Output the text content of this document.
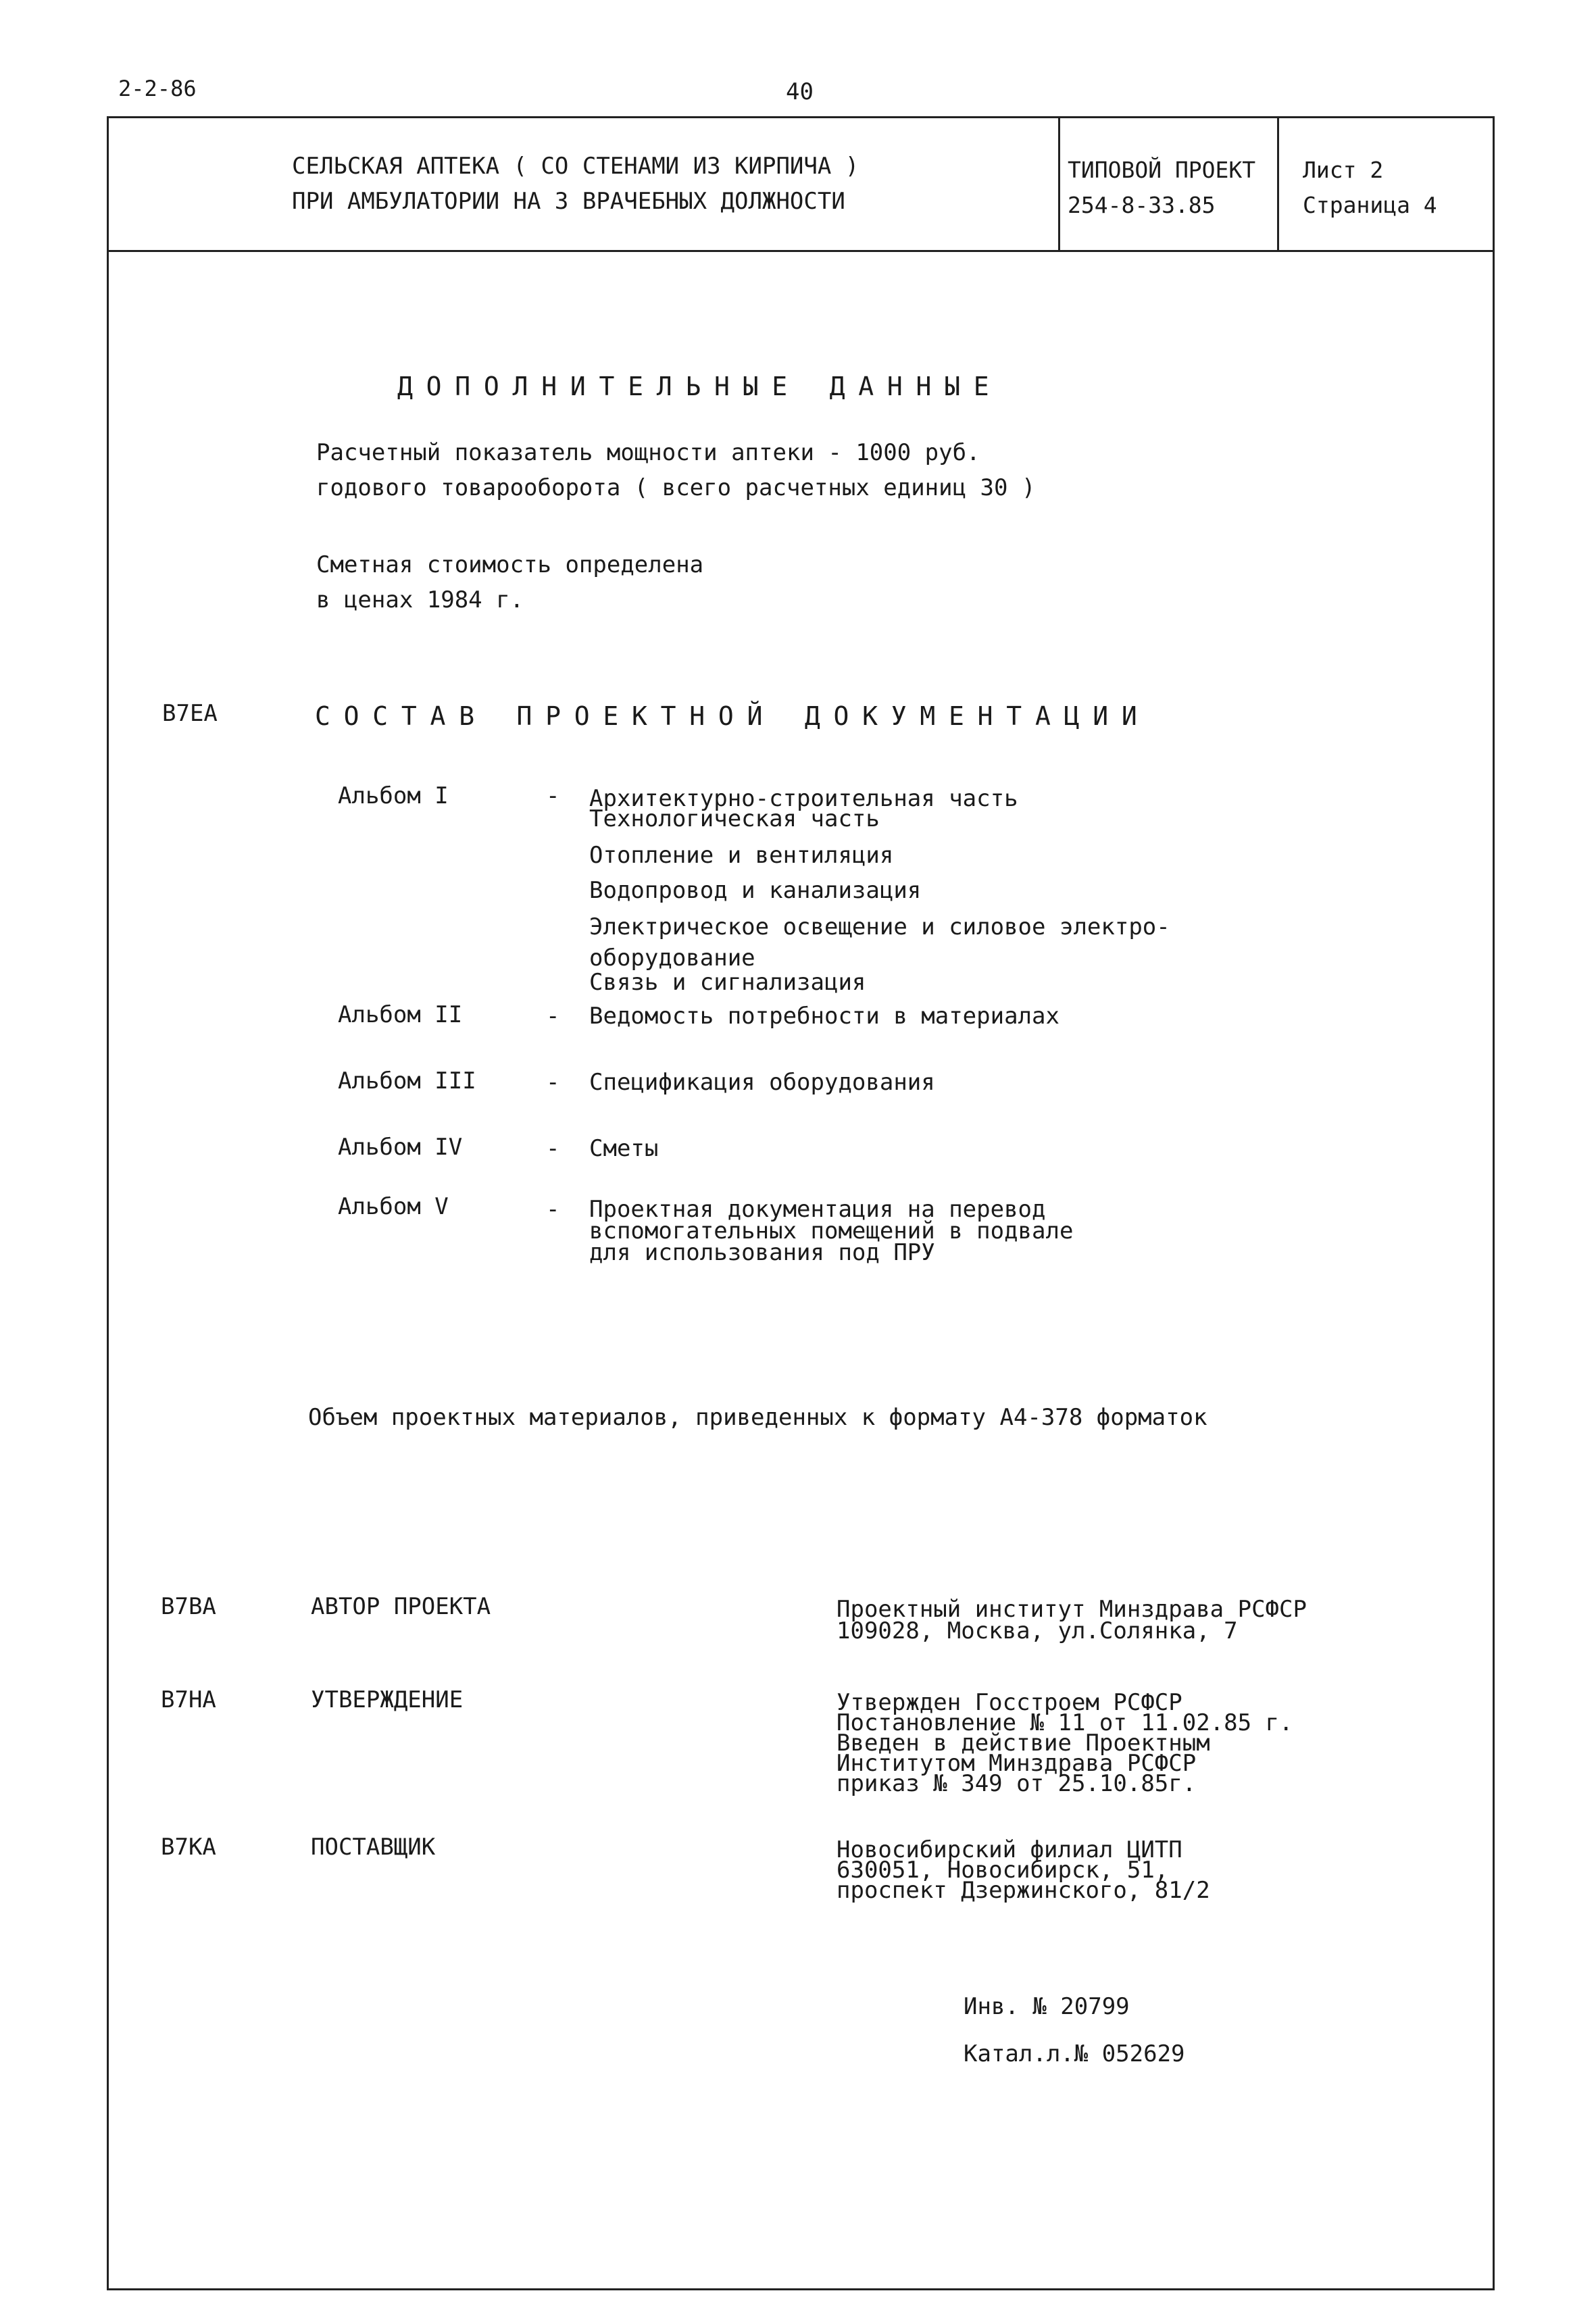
2-2-86	40
СЕЛЬСКАЯ АПТЕКА ( СО СТЕНАМИ ИЗ КИРПИЧА )
ПРИ АМБУЛАТОРИИ НА 3 ВРАЧЕБНЫХ ДОЛЖНОСТИ
ТИПОВОЙ ПРОЕКТ
254-8-33.85
Лист 2
Страница 4
ДОПОЛНИТЕЛЬНЫЕ ДАННЫЕ
Расчетный показатель мощности аптеки - 1000 руб.
годового товарооборота ( всего расчетных единиц 30 )
Сметная стоимость определена
в ценах 1984 г.
В7ЕА	СОСТАВ ПРОЕКТНОЙ ДОКУМЕНТАЦИИ
Альбом I	- Архитектурно-строительная часть
Технологическая часть
Отопление и вентиляция
Водопровод и канализация
Электрическое освещение и силовое электро-
оборудование
Связь и сигнализация
Альбом II	- Ведомость потребности в материалах
Альбом III	- Спецификация оборудования
Альбом IV	- Сметы
Альбом V	- Проектная документация на перевод
вспомогательных помещений в подвале
для использования под ПРУ
Объем проектных материалов, приведенных к формату А4-378 форматок
В7ВА	АВТОР ПРОЕКТА	Проектный институт Минздрава РСФСР
109028, Москва, ул.Солянка, 7
В7НА	УТВЕРЖДЕНИЕ	Утвержден Госстроем РСФСР
Постановление № 11 от 11.02.85 г.
Введен в действие Проектным
Институтом Минздрава РСФСР
приказ № 349 от 25.10.85г.
В7КА	ПОСТАВЩИК	Новосибирский филиал ЦИТП
630051, Новосибирск, 51,
проспект Дзержинского, 81/2
Инв. № 20799
Катал.л.№ 052629
